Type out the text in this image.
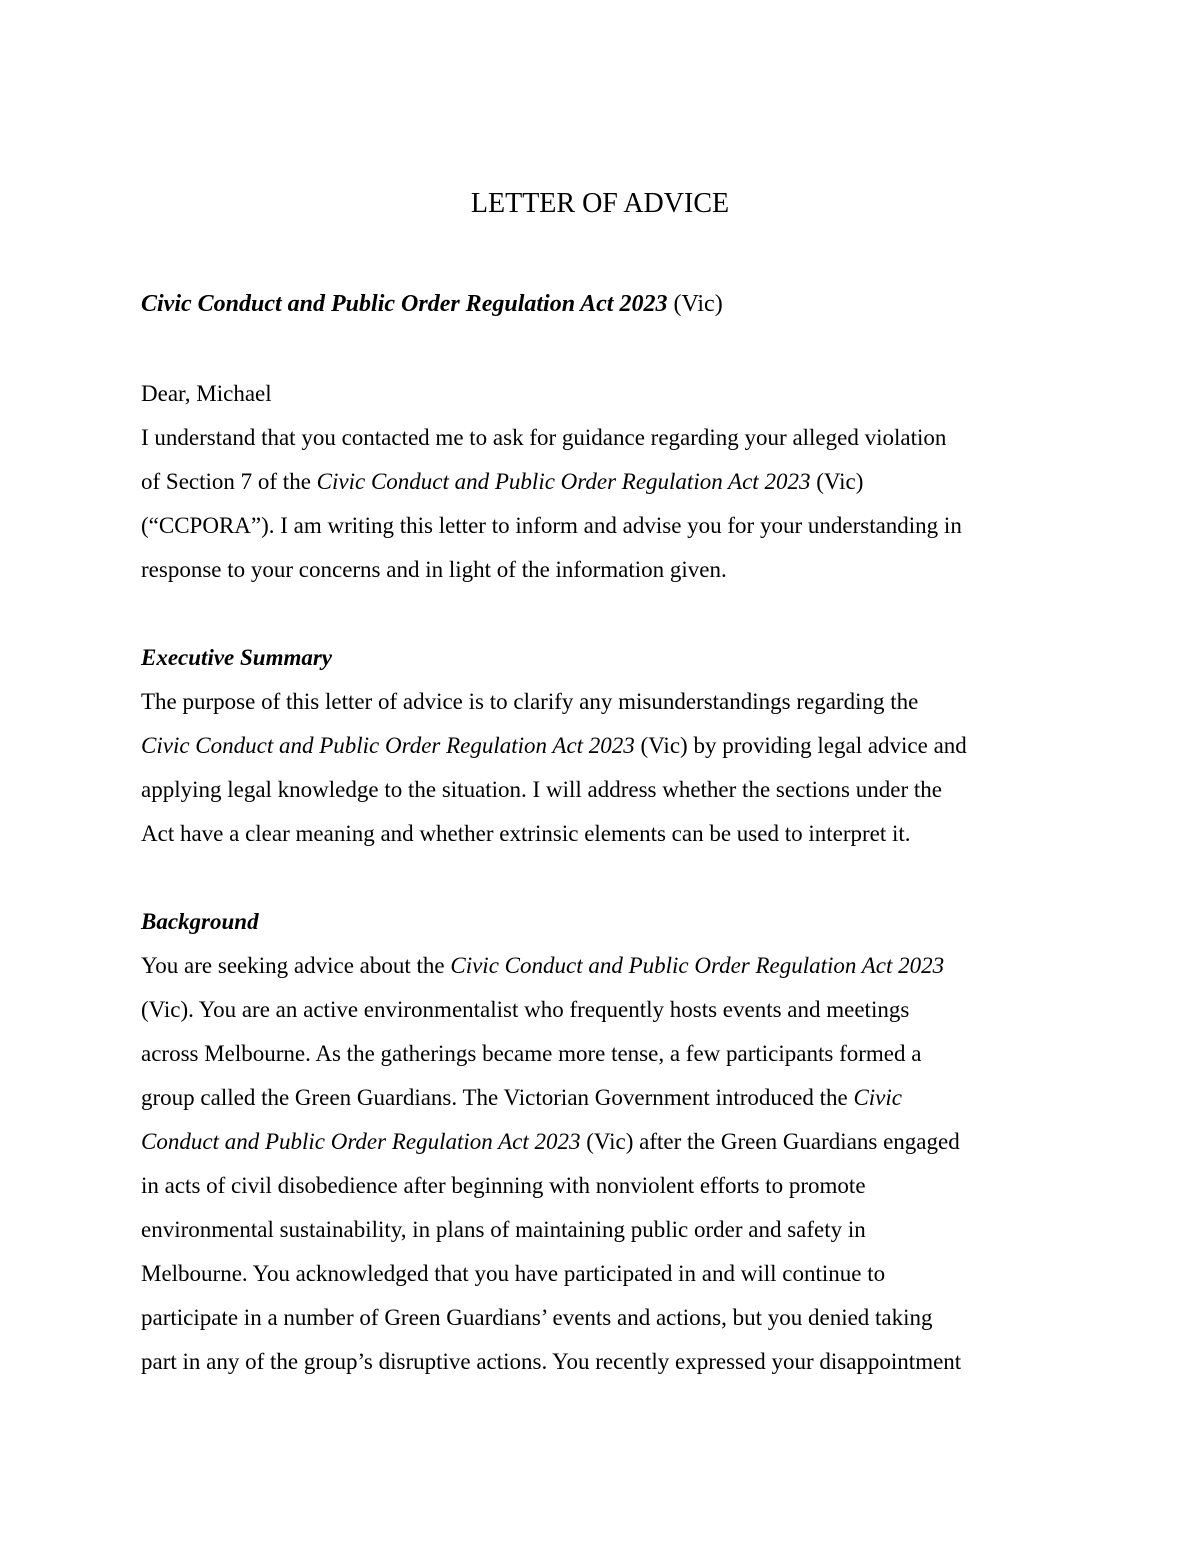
LETTER OF ADVICE
Civic Conduct and Public Order Regulation Act 2023 (Vic)
Dear, Michael
I understand that you contacted me to ask for guidance regarding your alleged violation
of Section 7 of the Civic Conduct and Public Order Regulation Act 2023 (Vic)
(“CCPORA”). I am writing this letter to inform and advise you for your understanding in
response to your concerns and in light of the information given.
Executive Summary
The purpose of this letter of advice is to clarify any misunderstandings regarding the
Civic Conduct and Public Order Regulation Act 2023 (Vic) by providing legal advice and
applying legal knowledge to the situation. I will address whether the sections under the
Act have a clear meaning and whether extrinsic elements can be used to interpret it.
Background
You are seeking advice about the Civic Conduct and Public Order Regulation Act 2023
(Vic). You are an active environmentalist who frequently hosts events and meetings
across Melbourne. As the gatherings became more tense, a few participants formed a
group called the Green Guardians. The Victorian Government introduced the Civic
Conduct and Public Order Regulation Act 2023 (Vic) after the Green Guardians engaged
in acts of civil disobedience after beginning with nonviolent efforts to promote
environmental sustainability, in plans of maintaining public order and safety in
Melbourne. You acknowledged that you have participated in and will continue to
participate in a number of Green Guardians’ events and actions, but you denied taking
part in any of the group’s disruptive actions. You recently expressed your disappointment
